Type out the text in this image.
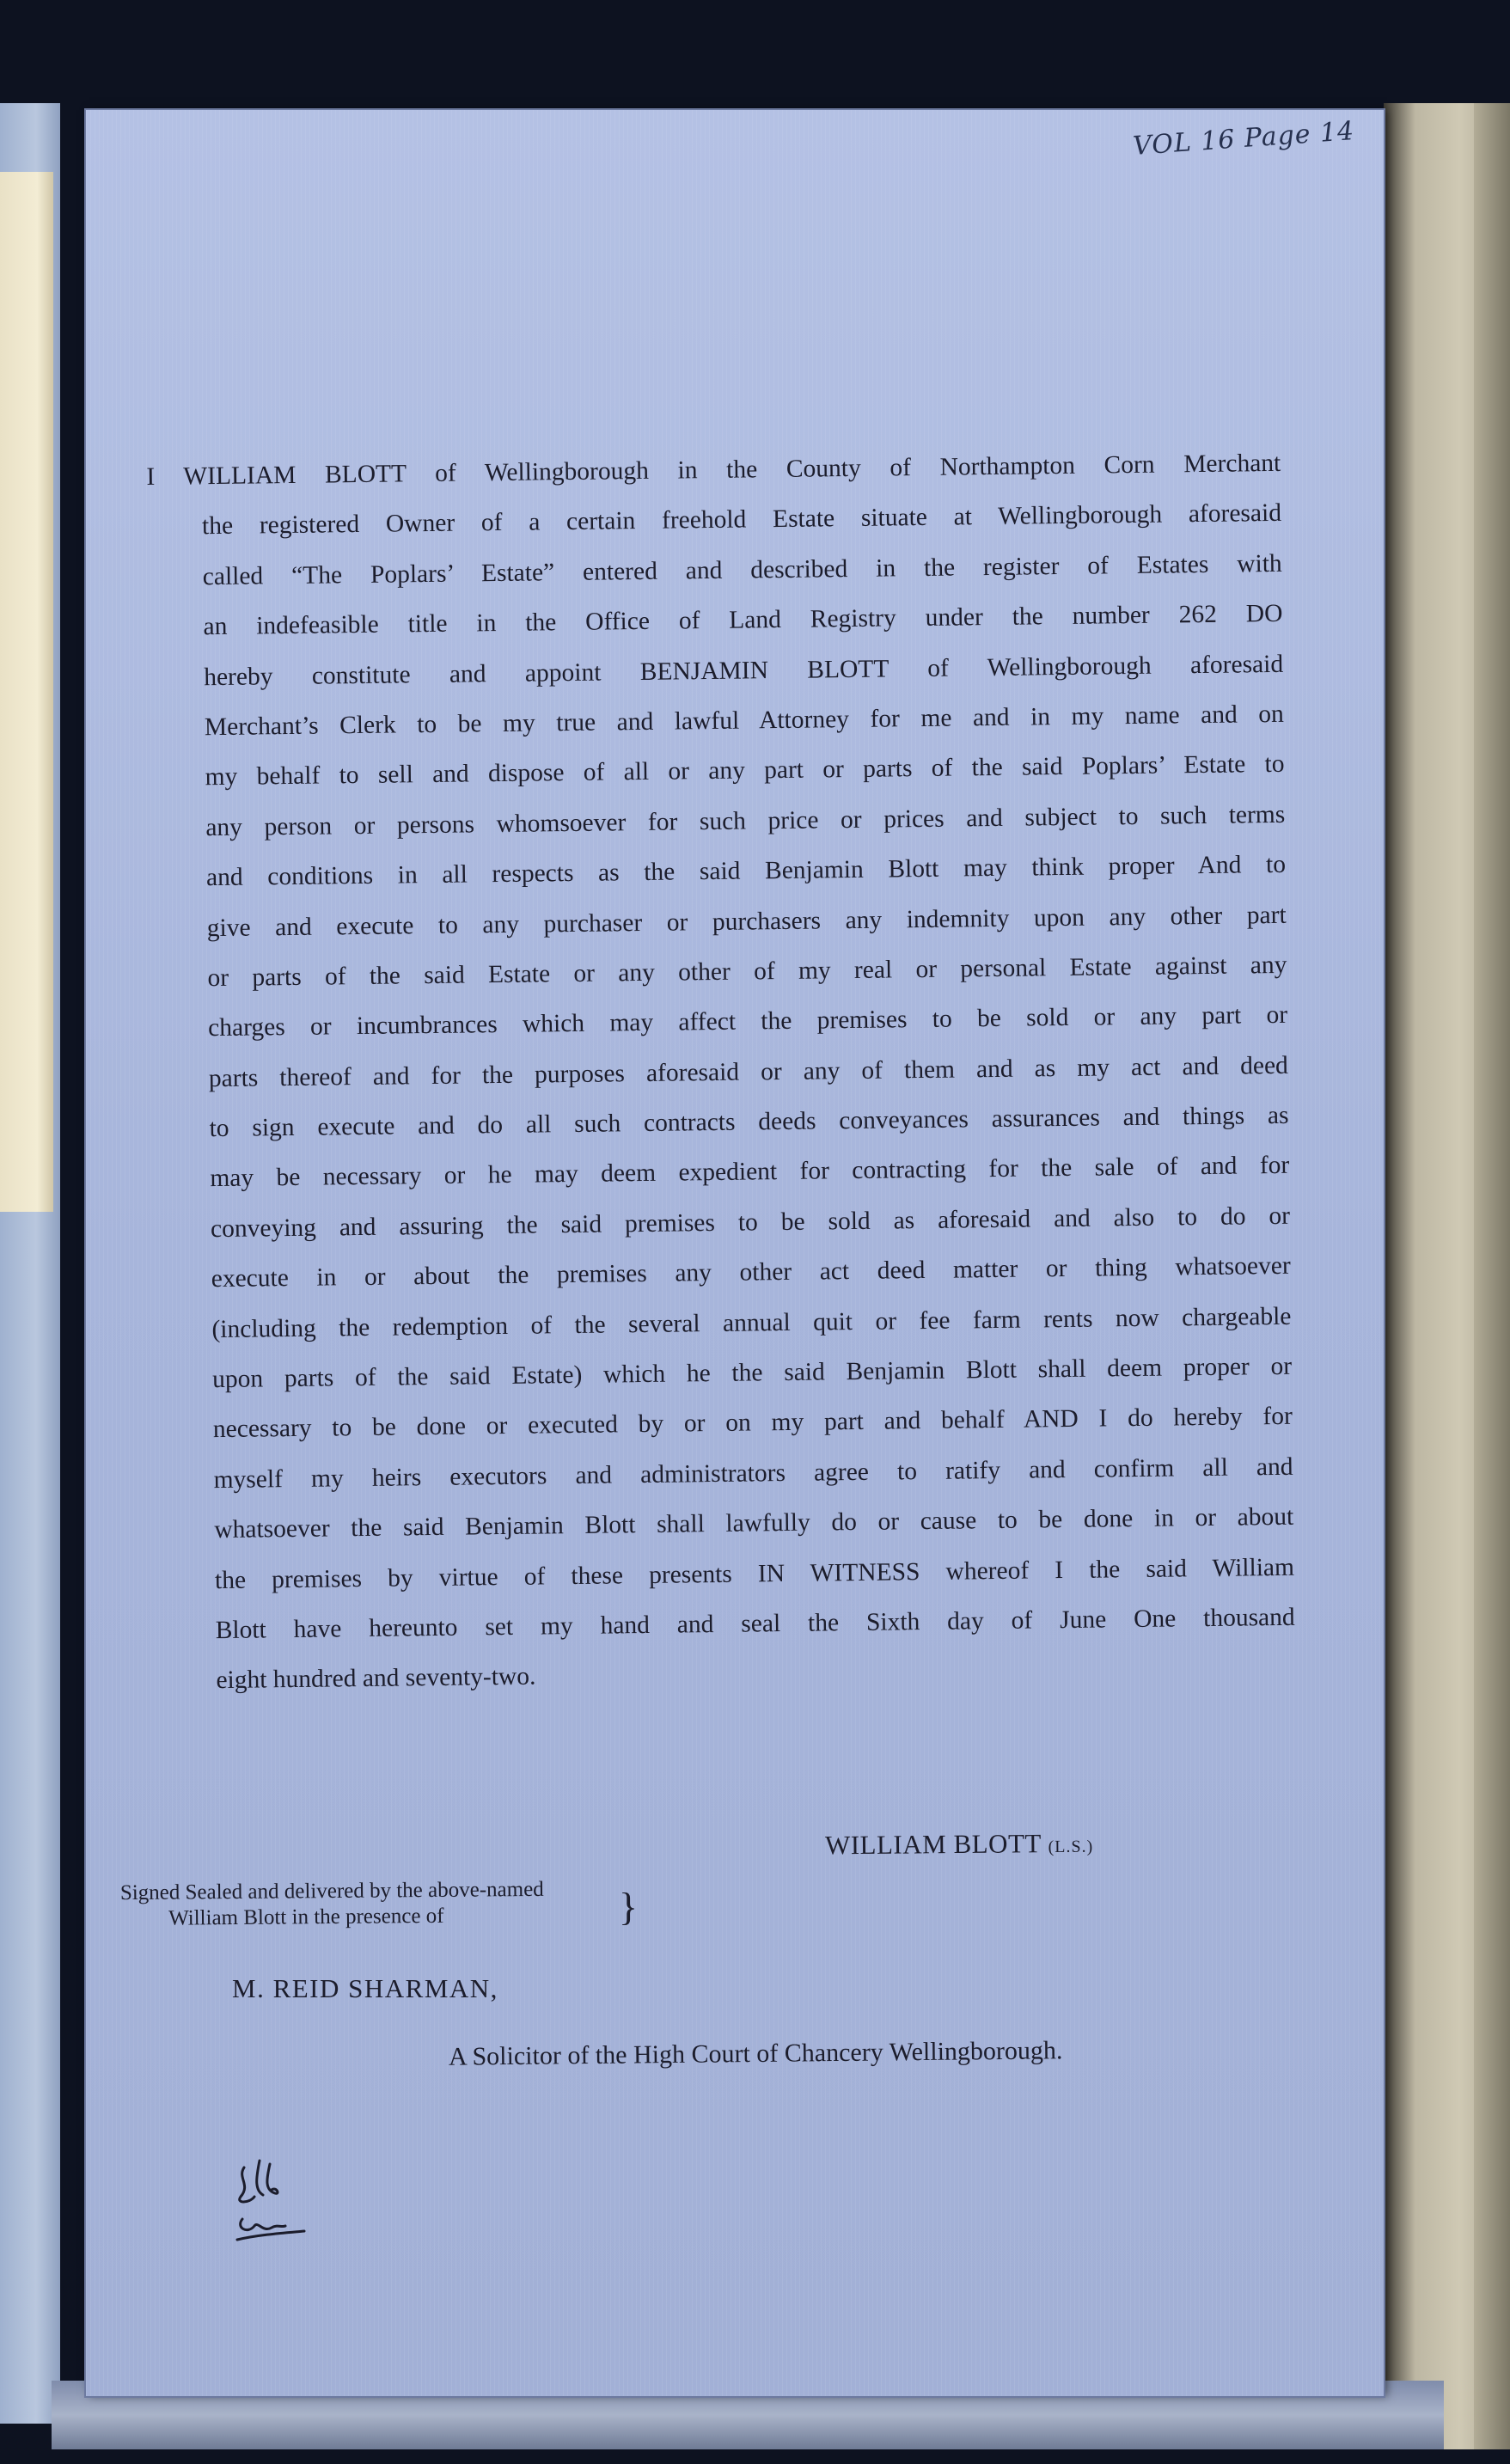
VOL 16 Page 14
I WILLIAM BLOTT of Wellingborough in the County of Northampton Corn Merchant
the registered Owner of a certain freehold Estate situate at Wellingborough aforesaid
called “The Poplars’ Estate” entered and described in the register of Estates with
an indefeasible title in the Office of Land Registry under the number 262 DO
hereby constitute and appoint BENJAMIN BLOTT of Wellingborough aforesaid
Merchant’s Clerk to be my true and lawful Attorney for me and in my name and on
my behalf to sell and dispose of all or any part or parts of the said Poplars’ Estate to
any person or persons whomsoever for such price or prices and subject to such terms
and conditions in all respects as the said Benjamin Blott may think proper And to
give and execute to any purchaser or purchasers any indemnity upon any other part
or parts of the said Estate or any other of my real or personal Estate against any
charges or incumbrances which may affect the premises to be sold or any part or
parts thereof and for the purposes aforesaid or any of them and as my act and deed
to sign execute and do all such contracts deeds conveyances assurances and things as
may be necessary or he may deem expedient for contracting for the sale of and for
conveying and assuring the said premises to be sold as aforesaid and also to do or
execute in or about the premises any other act deed matter or thing whatsoever
(including the redemption of the several annual quit or fee farm rents now chargeable
upon parts of the said Estate) which he the said Benjamin Blott shall deem proper or
necessary to be done or executed by or on my part and behalf AND I do hereby for
myself my heirs executors and administrators agree to ratify and confirm all and
whatsoever the said Benjamin Blott shall lawfully do or cause to be done in or about
the premises by virtue of these presents IN WITNESS whereof I the said William
Blott have hereunto set my hand and seal the Sixth day of June One thousand
eight hundred and seventy-two.
WILLIAM BLOTT (L.S.)
Signed Sealed and delivered by the above-named
William Blott in the presence of	}
M. REID SHARMAN,
A Solicitor of the High Court of Chancery Wellingborough.
